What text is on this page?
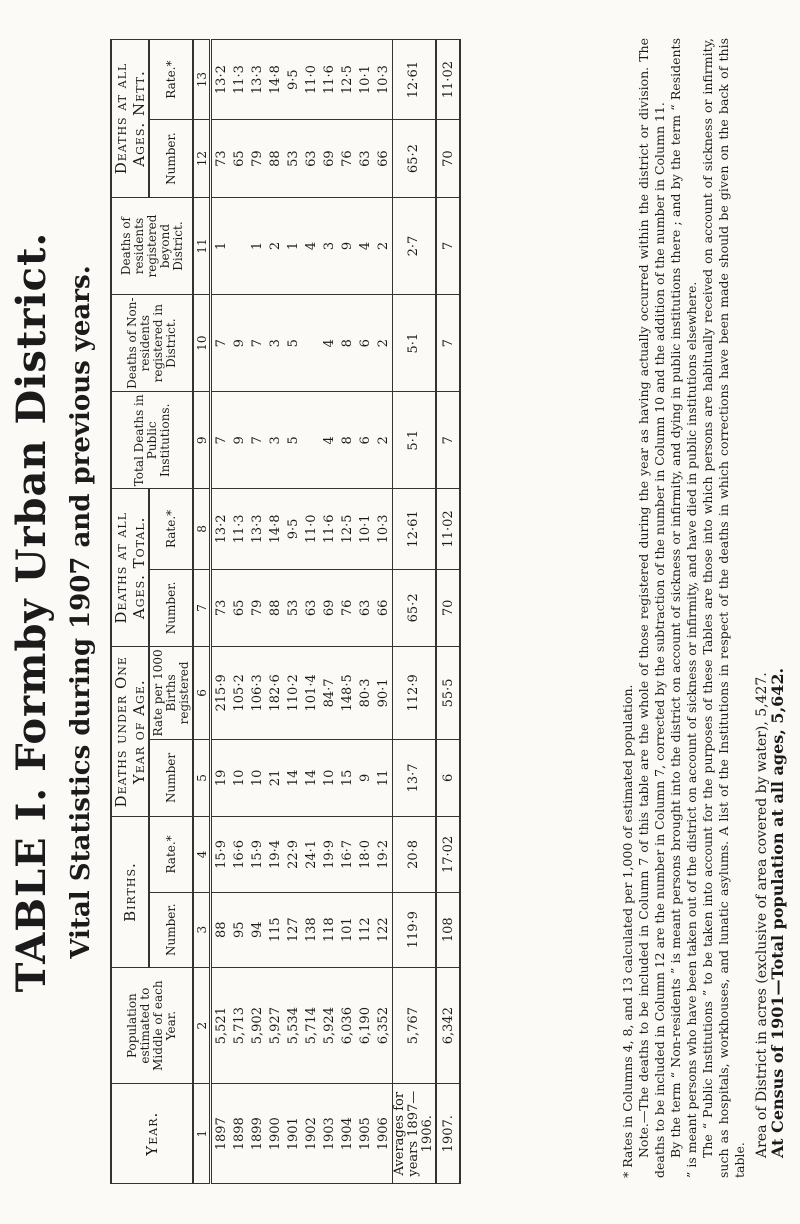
TABLE I. Formby Urban District. Vital Statistics during 1907 and previous years.
Year.	Population estimated to Middle of each Year.	Births.		Deaths under One Year of Age.		Deaths at all Ages. Total.		Total Deaths in Public Institutions.	Deaths of Non-residents registered in District.	Deaths of residents registered beyond District.	Deaths at all Ages. Nett.	
		Number.	Rate.*	Number	Rate per 1000 Births registered	Number.	Rate.*				Number.	Rate.*
1	2	3	4	5	6	7	8	9	10	11	12	13
1897	5,521	88	15·9	19	215·9	73	13·2	7	7	1	73	13·2
1898	5,713	95	16·6	10	105·2	65	11·3	9	9		65	11·3
1899	5,902	94	15·9	10	106·3	79	13·3	7	7	1	79	13·3
1900	5,927	115	19·4	21	182·6	88	14·8	3	3	2	88	14·8
1901	5,534	127	22·9	14	110·2	53	9·5	5	5	1	53	9·5
1902	5,714	138	24·1	14	101·4	63	11·0			4	63	11·0
1903	5,924	118	19·9	10	84·7	69	11·6	4	4	3	69	11·6
1904	6,036	101	16·7	15	148·5	76	12·5	8	8	9	76	12·5
1905	6,190	112	18·0	9	80·3	63	10·1	6	6	4	63	10·1
1906	6,352	122	19·2	11	90·1	66	10·3	2	2	2	66	10·3
Averages for years 1897—1906.	5,767	119·9	20·8	13·7	112·9	65·2	12·61	5·1	5·1	2·7	65·2	12·61
1907.	6,342	108	17·02	6	55·5	70	11·02	7	7	7	70	11·02

* Rates in Columns 4, 8, and 13 calculated per 1,000 of estimated population. Note.—The deaths to be included in Column 7 of this table are the whole of those registered during the year as having actually occurred within the district or division. The deaths to be included in Column 12 are the number in Column 7, corrected by the subtraction of the number in Column 10 and the addition of the number in Column 11. By the term “ Non-residents ” is meant persons brought into the district on account of sickness or infirmity, and dying in public institutions there ; and by the term “ Residents ” is meant persons who have been taken out of the district on account of sickness or infirmity, and have died in public institutions elsewhere. The “ Public Institutions ” to be taken into account for the purposes of these Tables are those into which persons are habitually received on account of sickness or infirmity, such as hospitals, workhouses, and lunatic asylums. A list of the Institutions in respect of the deaths in which corrections have been made should be given on the back of this table.

Area of District in acres (exclusive of area covered by water), 5,427.

At Census of 1901—Total population at all ages, 5,642.
